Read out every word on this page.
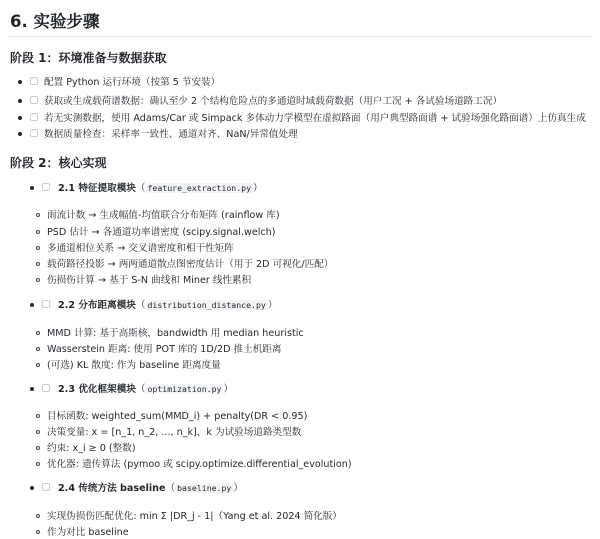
6. 实验步骤
阶段 1：环境准备与数据获取
配置 Python 运行环境（按第 5 节安装）
获取或生成载荷谱数据：确认至少 2 个结构危险点的多通道时域载荷数据（用户工况 + 各试验场道路工况）
若无实测数据，使用 Adams/Car 或 Simpack 多体动力学模型在虚拟路面（用户典型路面谱 + 试验场强化路面谱）上仿真生成
数据质量检查：采样率一致性、通道对齐、NaN/异常值处理
阶段 2：核心实现
2.1 特征提取模块（ feature_extraction.py ）
雨流计数 → 生成幅值-均值联合分布矩阵 (rainflow 库)
PSD 估计 → 各通道功率谱密度 (scipy.signal.welch)
多通道相位关系 → 交叉谱密度和相干性矩阵
载荷路径投影 → 两两通道散点图密度估计（用于 2D 可视化/匹配）
伤损伤计算 → 基于 S-N 曲线和 Miner 线性累积
2.2 分布距离模块（ distribution_distance.py ）
MMD 计算: 基于高斯核，bandwidth 用 median heuristic
Wasserstein 距离: 使用 POT 库的 1D/2D 推土机距离
(可选) KL 散度: 作为 baseline 距离度量
2.3 优化框架模块（ optimization.py ）
目标函数: weighted_sum(MMD_i) + penalty(DR < 0.95)
决策变量: x = [n_1, n_2, ..., n_k]，k 为试验场道路类型数
约束: x_i ≥ 0 (整数)
优化器: 遗传算法 (pymoo 或 scipy.optimize.differential_evolution)
2.4 传统方法 baseline（ baseline.py ）
实现伪损伤匹配优化: min Σ |DR_j - 1|（Yang et al. 2024 简化版）
作为对比 baseline
